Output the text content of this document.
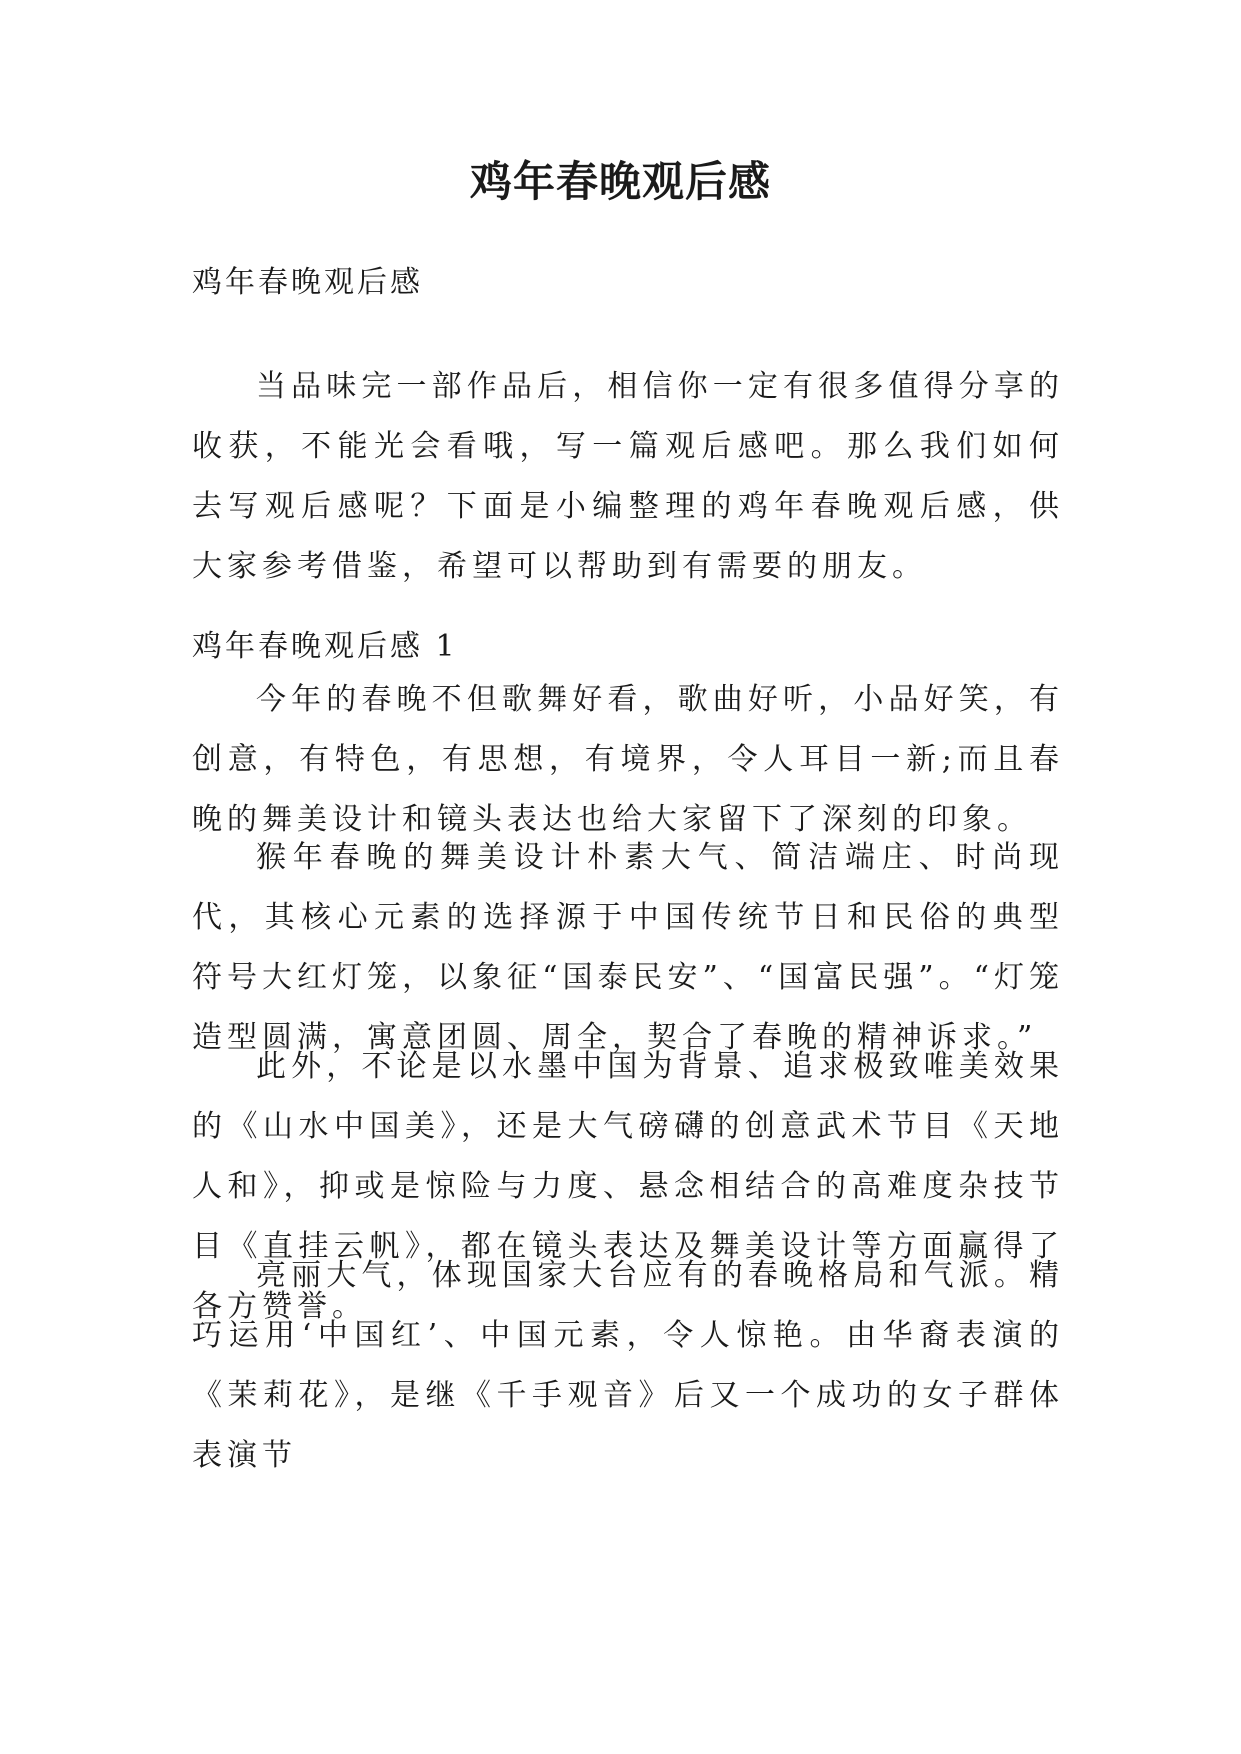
鸡年春晚观后感

鸡年春晚观后感

当品味完一部作品后，相信你一定有很多值得分享的收获，不能光会看哦，写一篇观后感吧。那么我们如何去写观后感呢？下面是小编整理的鸡年春晚观后感，供大家参考借鉴，希望可以帮助到有需要的朋友。

鸡年春晚观后感 1

今年的春晚不但歌舞好看，歌曲好听，小品好笑，有创意，有特色，有思想，有境界，令人耳目一新;而且春晚的舞美设计和镜头表达也给大家留下了深刻的印象。

猴年春晚的舞美设计朴素大气、简洁端庄、时尚现代，其核心元素的选择源于中国传统节日和民俗的典型符号大红灯笼，以象征“国泰民安”、“国富民强”。“灯笼造型圆满，寓意团圆、周全，契合了春晚的精神诉求。”

此外，不论是以水墨中国为背景、追求极致唯美效果的《山水中国美》，还是大气磅礴的创意武术节目《天地人和》，抑或是惊险与力度、悬念相结合的高难度杂技节目《直挂云帆》，都在镜头表达及舞美设计等方面赢得了各方赞誉。

亮丽大气，体现国家大台应有的春晚格局和气派。精巧运用‘中国红’、中国元素，令人惊艳。由华裔表演的《茉莉花》，是继《千手观音》后又一个成功的女子群体表演节
